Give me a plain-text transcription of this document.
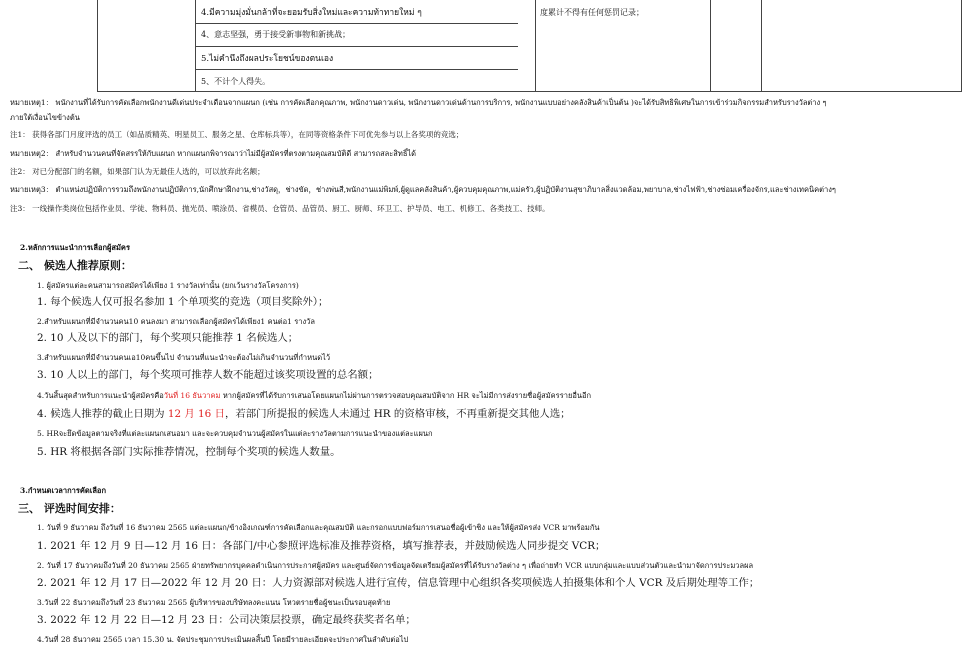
4.มีความมุ่งมั่นกล้าที่จะยอมรับสิ่งใหม่และความท้าทายใหม่ ๆ
4、意志坚强，勇于接受新事物和新挑战；
5.ไม่คำนึงถึงผลประโยชน์ของตนเอง
5、不计个人得失。
度累计不得有任何惩罚记录；
หมายเหตุ1： พนักงานที่ได้รับการคัดเลือกพนักงานดีเด่นประจำเดือนจากแผนก (เช่น การคัดเลือกคุณภาพ, พนักงานดาวเด่น, พนักงานดาวเด่นด้านการบริการ, พนักงานแบบอย่างคลังสินค้าเป็นต้น )จะได้รับสิทธิพิเศษในการเข้าร่วมกิจกรรมสำหรับรางวัลต่าง ๆ
ภายใต้เงื่อนไขข้างต้น
注1： 获得各部门月度评选的员工（如品质精英、明星员工、服务之星、仓库标兵等），在同等资格条件下可优先参与以上各奖项的竞选；
หมายเหตุ2： สำหรับจำนวนคนที่จัดสรรให้กับแผนก หากแผนกพิจารณาว่าไม่มีผู้สมัครที่ตรงตามคุณสมบัติดี สามารถสละสิทธิ์ได้
注2： 对已分配部门的名额，如果部门认为无最佳人选的，可以放弃此名额；
หมายเหตุ3： ตำแหน่งปฏิบัติการรวมถึงพนักงานปฏิบัติการ,นักศึกษาฝึกงาน,ช่างวัสดุ，ช่างขัด，ช่างพ่นสี,พนักงานแม่พิมพ์,ผู้ดูแลคลังสินค้า,ผู้ควบคุมคุณภาพ,แม่ครัว,ผู้ปฏิบัติงานสุขาภิบาลสิ่งแวดล้อม,พยาบาล,ช่างไฟฟ้า,ช่างซ่อมเครื่องจักร,และช่างเทคนิคต่างๆ
注3： 一线操作类岗位包括作业员、学徒、物料员、抛光员、喷涂员、省模员、仓管员、品管员、厨工、厨师、环卫工、护导员、电工、机修工、各类技工、技师。
2.หลักการแนะนำการเลือกผู้สมัคร
二、 候选人推荐原则：
1. ผู้สมัครแต่ละคนสามารถสมัครได้เพียง 1 รางวัลเท่านั้น (ยกเว้นรางวัลโครงการ)
1. 每个候选人仅可报名参加 1 个单项奖的竞选（项目奖除外）；
2.สำหรับแผนกที่มีจำนวนคน10 คนลงมา สามารถเลือกผู้สมัครได้เพียง1 คนต่อ1 รางวัล
2. 10 人及以下的部门，每个奖项只能推荐 1 名候选人；
3.สำหรับแผนกที่มีจำนวนคนเอ10คนขึ้นไป จำนวนที่แนะนำจะต้องไม่เกินจำนวนที่กำหนดไว้
3. 10 人以上的部门，每个奖项可推荐人数不能超过该奖项设置的总名额；
4.วันสิ้นสุดสำหรับการแนะนำผู้สมัครคือวันที่ 16 ธันวาคม หากผู้สมัครที่ได้รับการเสนอโดยแผนกไม่ผ่านการตรวจสอบคุณสมบัติจาก HR จะไม่มีการส่งรายชื่อผู้สมัครรายอื่นอีก
4. 候选人推荐的截止日期为 12 月 16 日，若部门所提报的候选人未通过 HR 的资格审核，不再重新提交其他人选；
5. HRจะยึดข้อมูลตามจริงที่แต่ละแผนกเสนอมา และจะควบคุมจำนวนผู้สมัครในแต่ละรางวัลตามการแนะนำของแต่ละแผนก
5. HR 将根据各部门实际推荐情况，控制每个奖项的候选人数量。
3.กำหนดเวลาการคัดเลือก
三、 评选时间安排：
1. วันที่ 9 ธันวาคม ถึงวันที่ 16 ธันวาคม 2565 แต่ละแผนก/ข้างอิงเกณฑ์การคัดเลือกและคุณสมบัติ และกรอกแบบฟอร์มการเสนอชื่อผู้เข้าชิง และให้ผู้สมัครส่ง VCR มาพร้อมกัน
1. 2021 年 12 月 9 日—12 月 16 日：各部门/中心参照评选标准及推荐资格，填写推荐表，并鼓励候选人同步提交 VCR；
2. วันที่ 17 ธันวาคมถึงวันที่ 20 ธันวาคม 2565 ฝ่ายทรัพยากรบุคคลดำเนินการประกาศผู้สมัคร และศูนย์จัดการข้อมูลจัดเตรียมผู้สมัครที่ได้รับรางวัลต่าง ๆ เพื่อถ่ายทำ VCR แบบกลุ่มและแบบส่วนตัวและนำมาจัดการประมวลผล
2. 2021 年 12 月 17 日—2022 年 12 月 20 日：人力资源部对候选人进行宣传，信息管理中心组织各奖项候选人拍摄集体和个人 VCR 及后期处理等工作；
3.วันที่ 22 ธันวาคมถึงวันที่ 23 ธันวาคม 2565 ผู้บริหารของบริษัทลงคะแนน โหวตรายชื่อผู้ชนะเป็นรอบสุดท้าย
3. 2022 年 12 月 22 日—12 月 23 日：公司决策层投票，确定最终获奖者名单；
4.วันที่ 28 ธันวาคม 2565 เวลา 15.30 น. จัดประชุมการประเมินผลสิ้นปี โดยมีรายละเอียดจะประกาศในลำดับต่อไป
